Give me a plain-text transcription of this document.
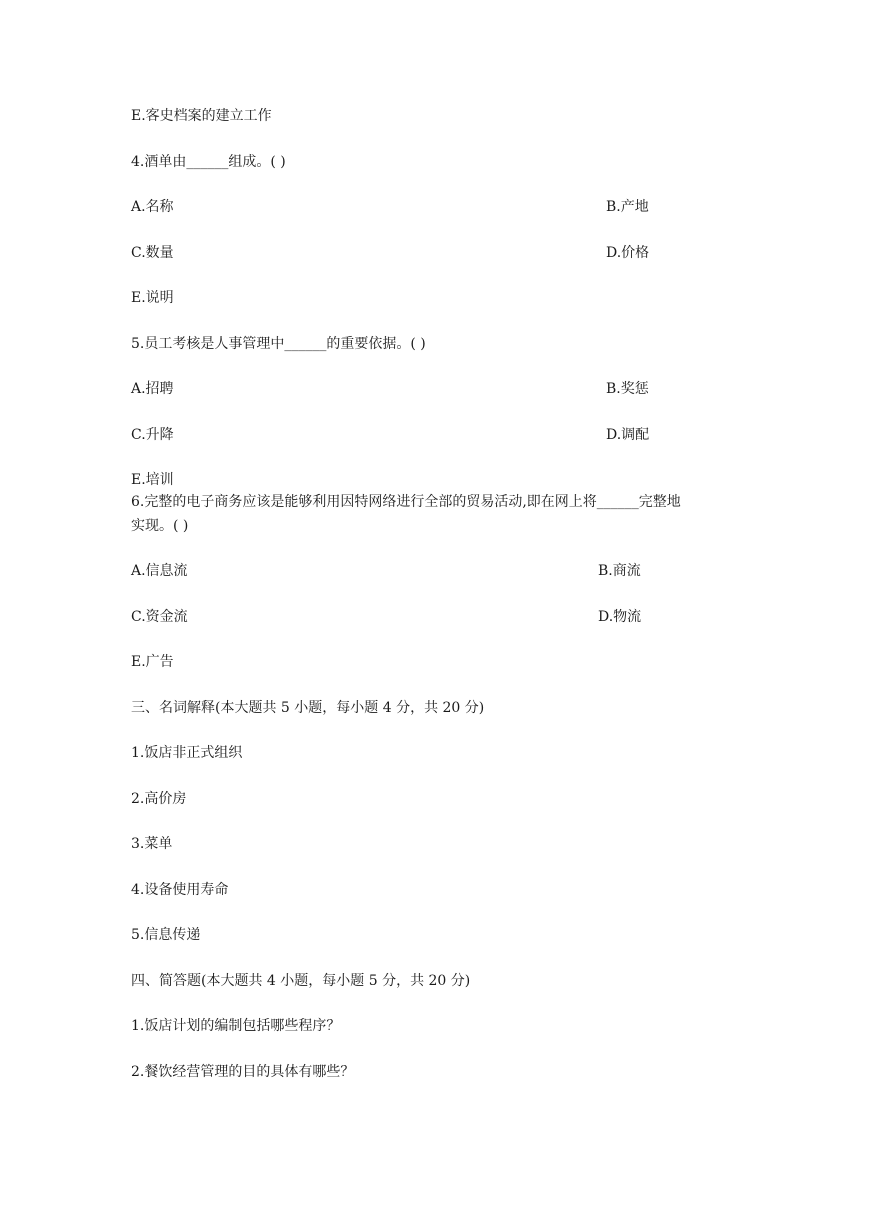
E.客史档案的建立工作
4.酒单由______组成。( )
A.名称	B.产地
C.数量	D.价格
E.说明
5.员工考核是人事管理中______的重要依据。( )
A.招聘	B.奖惩
C.升降	D.调配
E.培训
6.完整的电子商务应该是能够利用因特网络进行全部的贸易活动,即在网上将______完整地
实现。( )
A.信息流	B.商流
C.资金流	D.物流
E.广告
三、名词解释(本大题共 5 小题，每小题 4 分，共 20 分)
1.饭店非正式组织
2.高价房
3.菜单
4.设备使用寿命
5.信息传递
四、简答题(本大题共 4 小题，每小题 5 分，共 20 分)
1.饭店计划的编制包括哪些程序？
2.餐饮经营管理的目的具体有哪些？
